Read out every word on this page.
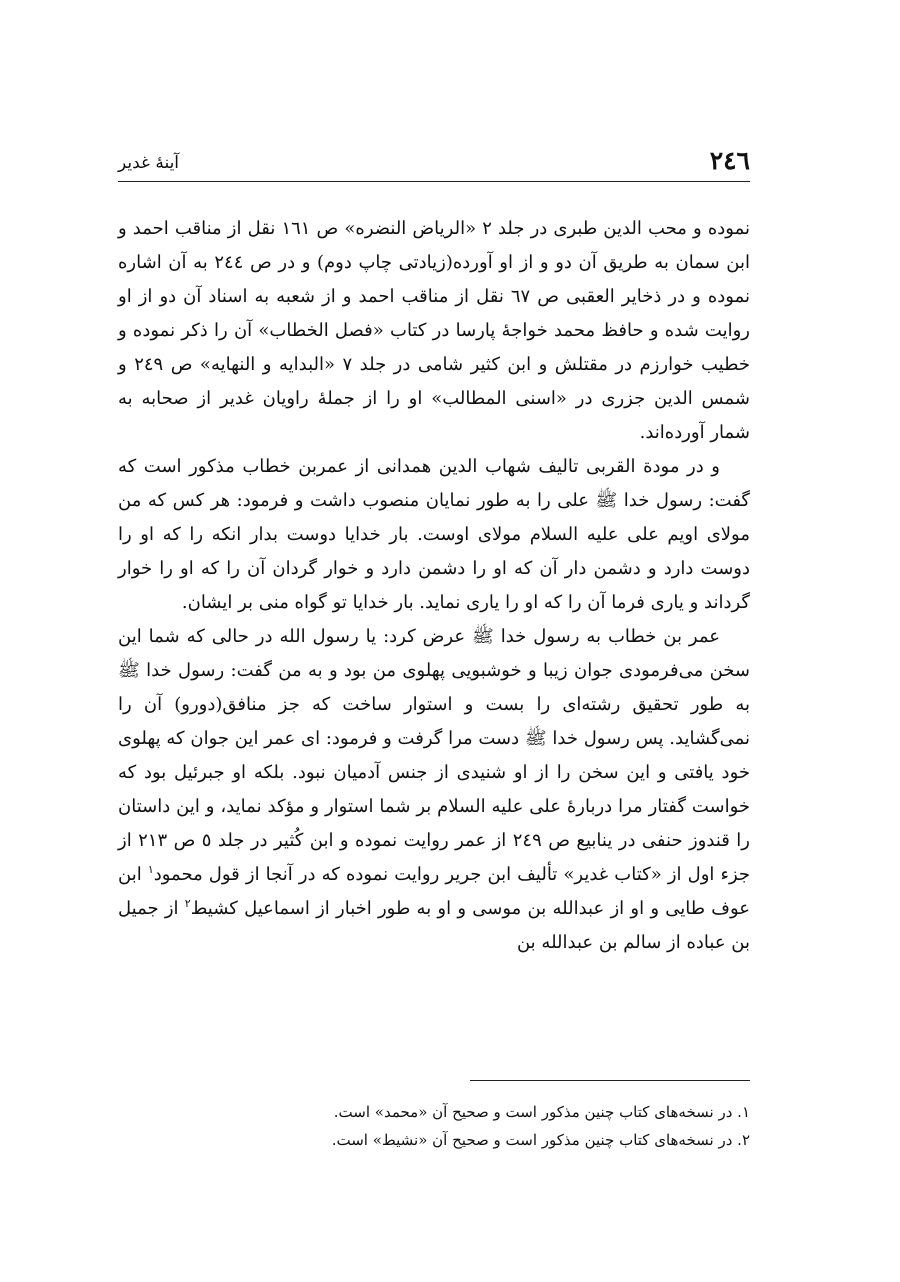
۲٤٦
آینهٔ غدیر

نموده و محب الدین طبری در جلد ۲ «الریاض النضره» ص ۱٦۱ نقل از مناقب احمد و ابن سمان به طریق آن دو و از او آورده(زیادتی چاپ دوم) و در ص ۲٤٤ به آن اشاره نموده و در ذخایر العقبی ص ٦۷ نقل از مناقب احمد و از شعبه به اسناد آن دو از او روایت شده و حافظ محمد خواجهٔ پارسا در کتاب «فصل الخطاب» آن را ذکر نموده و خطیب خوارزم در مقتلش و ابن کثیر شامی در جلد ۷ «البدایه و النهایه» ص ۲٤۹ و شمس الدین جزری در «اسنی المطالب» او را از جملهٔ راویان غدیر از صحابه به شمار آورده‌اند.

و در مودة القربی تالیف شهاب الدین همدانی از عمربن خطاب مذکور است که گفت: رسول خدا ﷺ علی را به طور نمایان منصوب داشت و فرمود: هر کس که من مولای اویم علی علیه السلام مولای اوست. بار خدایا دوست بدار انکه را که او را دوست دارد و دشمن دار آن که او را دشمن دارد و خوار گردان آن را که او را خوار گرداند و یاری فرما آن را که او را یاری نماید. بار خدایا تو گواه منی بر ایشان.

عمر بن خطاب به رسول خدا ﷺ عرض کرد: یا رسول الله در حالی که شما این سخن می‌فرمودی جوان زیبا و خوشبویی پهلوی من بود و به من گفت: رسول خدا ﷺ به طور تحقیق رشته‌ای را بست و استوار ساخت که جز منافق(دورو) آن را نمی‌گشاید. پس رسول خدا ﷺ دست مرا گرفت و فرمود: ای عمر این جوان که پهلوی خود یافتی و این سخن را از او شنیدی از جنس آدمیان نبود. بلکه او جبرئیل بود که خواست گفتار مرا دربارهٔ علی علیه السلام بر شما استوار و مؤکد نماید، و این داستان را قندوز حنفی در ینابیع ص ۲٤۹ از عمر روایت نموده و ابن کُثیر در جلد ٥ ص ۲۱۳ از جزء اول از «کتاب غدیر» تألیف ابن جریر روایت نموده که در آنجا از قول محمود$^۱$ ابن عوف طایی و او از عبدالله بن موسی و او به طور اخبار از اسماعیل کشیط$^۲$ از جمیل بن عباده از سالم بن عبدالله بن

۱. در نسخه‌های کتاب چنین مذکور است و صحیح آن «محمد» است.

۲. در نسخه‌های کتاب چنین مذکور است و صحیح آن «نشیط» است.
